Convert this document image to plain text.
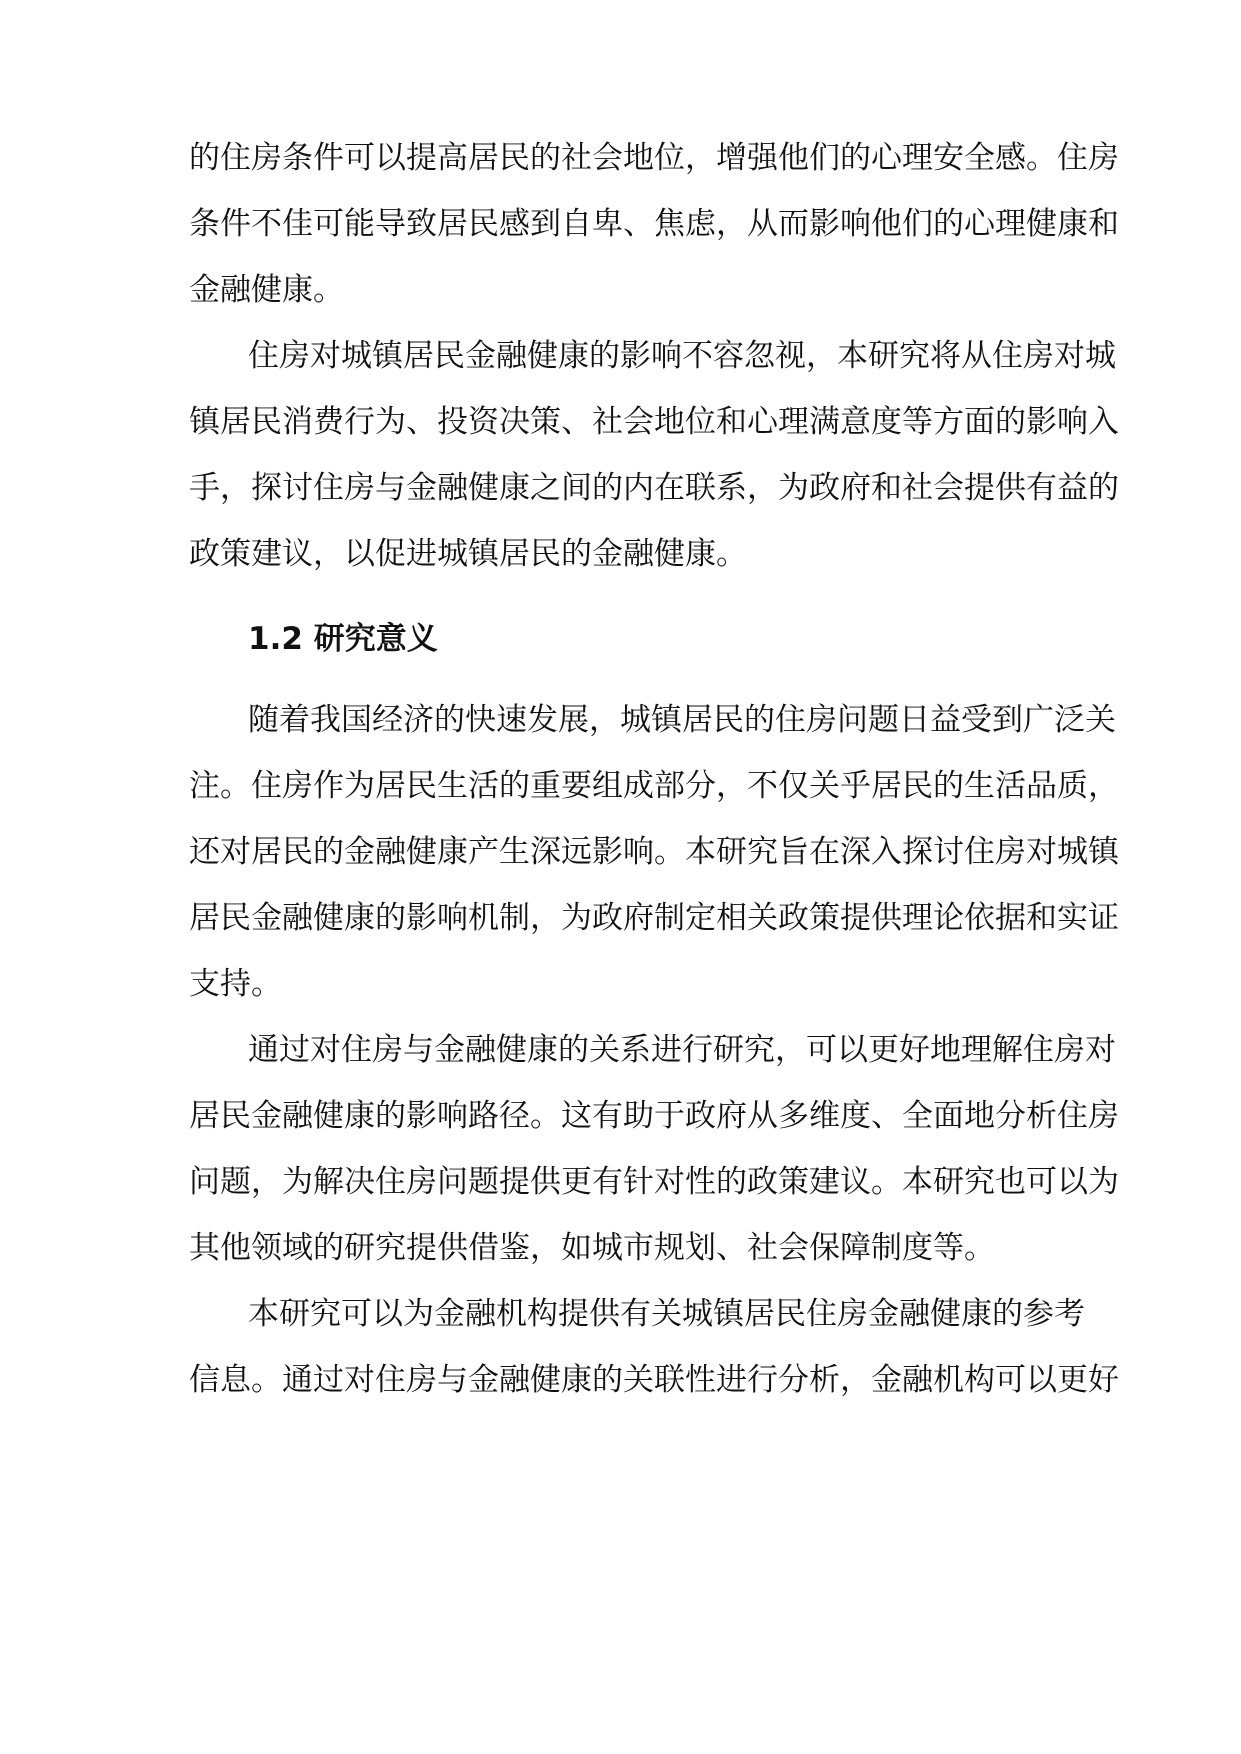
的住房条件可以提高居民的社会地位，增强他们的心理安全感。住房
条件不佳可能导致居民感到自卑、焦虑，从而影响他们的心理健康和
金融健康。
住房对城镇居民金融健康的影响不容忽视，本研究将从住房对城
镇居民消费行为、投资决策、社会地位和心理满意度等方面的影响入
手，探讨住房与金融健康之间的内在联系，为政府和社会提供有益的
政策建议，以促进城镇居民的金融健康。
1.2 研究意义
随着我国经济的快速发展，城镇居民的住房问题日益受到广泛关
注。住房作为居民生活的重要组成部分，不仅关乎居民的生活品质，
还对居民的金融健康产生深远影响。本研究旨在深入探讨住房对城镇
居民金融健康的影响机制，为政府制定相关政策提供理论依据和实证
支持。
通过对住房与金融健康的关系进行研究，可以更好地理解住房对
居民金融健康的影响路径。这有助于政府从多维度、全面地分析住房
问题，为解决住房问题提供更有针对性的政策建议。本研究也可以为
其他领域的研究提供借鉴，如城市规划、社会保障制度等。
本研究可以为金融机构提供有关城镇居民住房金融健康的参考
信息。通过对住房与金融健康的关联性进行分析，金融机构可以更好
